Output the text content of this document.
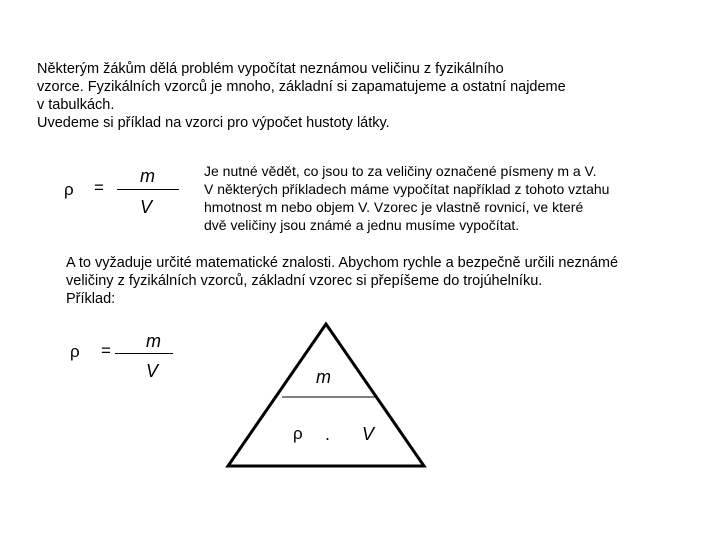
Některým žákům dělá problém vypočítat neznámou veličinu z fyzikálního
vzorce. Fyzikálních vzorců je mnoho, základní si zapamatujeme a ostatní najdeme
v tabulkách.
Uvedeme si příklad na vzorci pro výpočet hustoty látky.
ρ =
m
V
Je nutné vědět, co jsou to za veličiny označené písmeny m a V.
V některých příkladech máme vypočítat například z tohoto vztahu
hmotnost m nebo objem V. Vzorec je vlastně rovnicí, ve které
dvě veličiny jsou známé a jednu musíme vypočítat.
A to vyžaduje určité matematické znalosti. Abychom rychle a bezpečně určili neznámé
veličiny z fyzikálních vzorců, základní vzorec si přepíšeme do trojúhelníku.
Příklad:
ρ = m
V	m
ρ . V
